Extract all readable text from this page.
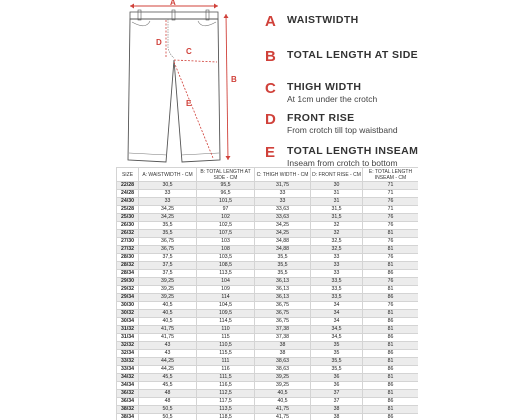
A
B
C
D
E
A	WAISTWIDTH
B	TOTAL LENGTH AT SIDE
C	THIGH WIDTH
At 1cm under the crotch
D	FRONT RISE
From crotch till top waistband
E	TOTAL LENGTH INSEAM
Inseam from crotch to bottom
SIZE	A: WAISTWIDTH - CM	B: TOTAL LENGTH AT SIDE - CM	C: THIGH WIDTH - CM	D: FRONT RISE - CM	E: TOTAL LENGTH INSEAM - CM
22/28	30,5	95,5	31,75	30	71
24/28	33	96,5	33	31	71
24/30	33	101,5	33	31	76
25/28	34,25	97	33,63	31,5	71
25/30	34,25	102	33,63	31,5	76
26/30	35,5	102,5	34,25	32	76
26/32	35,5	107,5	34,25	32	81
27/30	36,75	103	34,88	32,5	76
27/32	36,75	108	34,88	32,5	81
28/30	37,5	103,5	35,5	33	76
28/32	37,5	108,5	35,5	33	81
28/34	37,5	113,5	35,5	33	86
29/30	39,25	104	36,13	33,5	76
29/32	39,25	109	36,13	33,5	81
29/34	39,25	114	36,13	33,5	86
30/30	40,5	104,5	36,75	34	76
30/32	40,5	109,5	36,75	34	81
30/34	40,5	114,5	36,75	34	86
31/32	41,75	110	37,38	34,5	81
31/34	41,75	115	37,38	34,5	86
32/32	43	110,5	38	35	81
32/34	43	115,5	38	35	86
33/32	44,25	111	38,63	35,5	81
33/34	44,25	116	38,63	35,5	86
34/32	45,5	111,5	39,25	36	81
34/34	45,5	116,5	39,25	36	86
36/32	48	112,5	40,5	37	81
36/34	48	117,5	40,5	37	86
38/32	50,5	113,5	41,75	38	81
38/34	50,5	118,5	41,75	38	86
